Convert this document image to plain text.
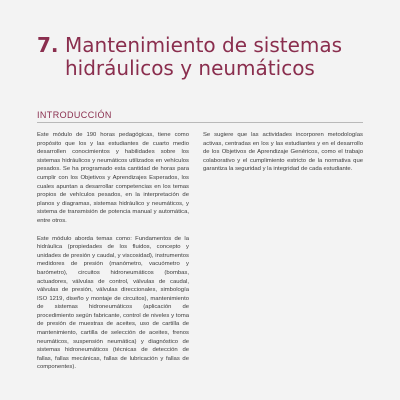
7. Mantenimiento de sistemas hidráulicos y neumáticos
INTRODUCCIÓN

Este módulo de 190 horas pedagógicas, tiene como propósito que los y las estudiantes de cuarto medio desarrollen conocimientos y habilidades sobre los sistemas hidráulicos y neumáticos utilizados en vehículos pesados. Se ha programado esta cantidad de horas para cumplir con los Objetivos y Aprendizajes Esperados, los cuales apuntan a desarrollar competencias en los temas propios de vehículos pesados, en la interpretación de planos y diagramas, sistemas hidráulico y neumáticos, y sistema de transmisión de potencia manual y automática, entre otros.

Este módulo aborda temas como: Fundamentos de la hidráulica (propiedades de los fluidos, concepto y unidades de presión y caudal, y viscosidad), instrumentos medidores de presión (manómetro, vacuómetro y barómetro), circuitos hidroneumáticos (bombas, actuadores, válvulas de control, válvulas de caudal, válvulas de presión, válvulas direccionales, simbología ISO 1219, diseño y montaje de circuitos), mantenimiento de sistemas hidroneumáticos (aplicación de procedimiento según fabricante, control de niveles y toma de presión de muestras de aceites, uso de cartilla de mantenimiento, cartilla de selección de aceites, frenos neumáticos, suspensión neumática) y diagnóstico de sistemas hidroneumáticos (técnicas de detección de fallas, fallas mecánicas, fallas de lubricación y fallas de componentes).

Se sugiere que las actividades incorporen metodologías activas, centradas en los y las estudiantes y en el desarrollo de los Objetivos de Aprendizaje Genéricos, como el trabajo colaborativo y el cumplimiento estricto de la normativa que garantiza la seguridad y la integridad de cada estudiante.
